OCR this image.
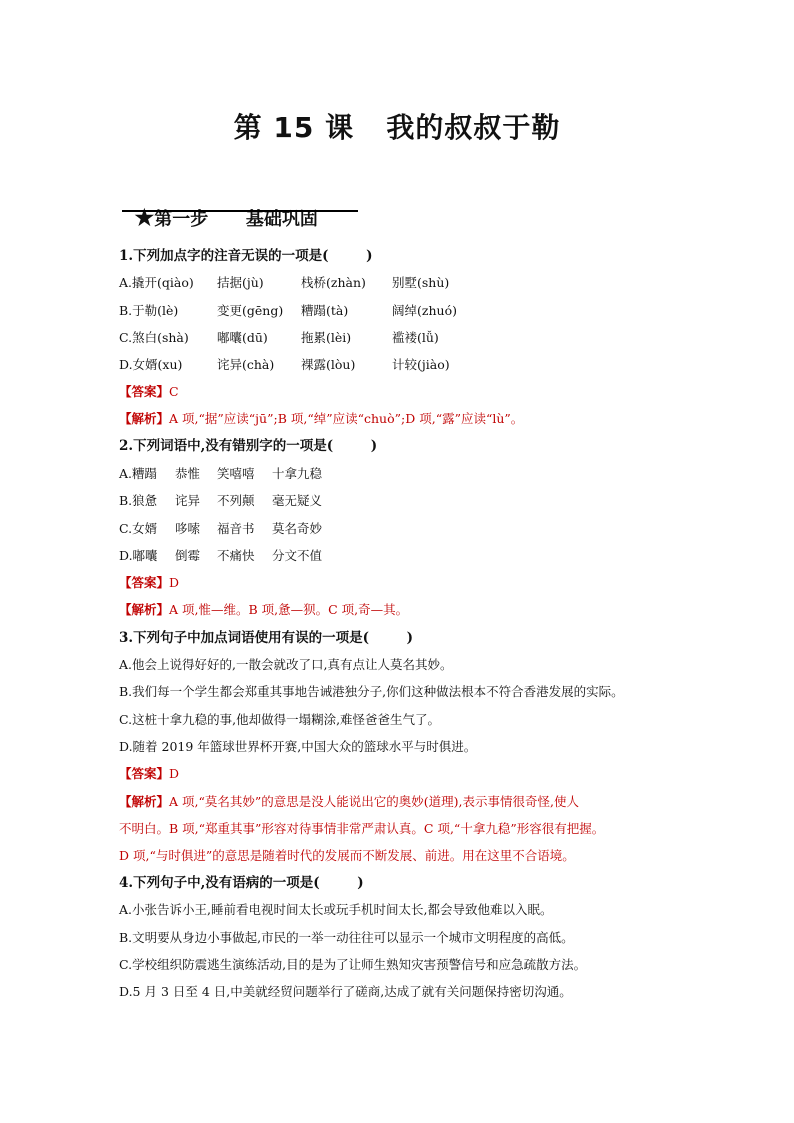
第 15 课   我的叔叔于勒

★第一步      基础巩固

1.下列加点字的注音无误的一项是(        )
A.撬开(qiào) 拮据(jù)	栈桥(zhàn) 别墅(shù)
B.于勒(lè)	变更(gēng) 糟蹋(tà)	阔绰(zhuó)
C.煞白(shà) 嘟囔(dū)	拖累(lèi)	褴褛(lǚ)
D.女婿(xu)	诧异(chà) 裸露(lòu)	计较(jiào)
【答案】C
【解析】A 项,“据”应读“jū”;B 项,“绰”应读“chuò”;D 项,“露”应读“lù”。
2.下列词语中,没有错别字的一项是(        )
A.糟蹋 恭惟 笑嘻嘻 十拿九稳
B.狼惫 诧异 不列颠 毫无疑义
C.女婿 哆嗦 福音书 莫名奇妙
D.嘟囔 倒霉 不痛快 分文不值
【答案】D
【解析】A 项,惟—维。B 项,惫—狈。C 项,奇—其。
3.下列句子中加点词语使用有误的一项是(        )
A.他会上说得好好的,一散会就改了口,真有点让人莫名其妙。
B.我们每一个学生都会郑重其事地告诫港独分子,你们这种做法根本不符合香港发展的实际。
C.这桩十拿九稳的事,他却做得一塌糊涂,难怪爸爸生气了。
D.随着 2019 年篮球世界杯开赛,中国大众的篮球水平与时俱进。
【答案】D
【解析】A 项,“莫名其妙”的意思是没人能说出它的奥妙(道理),表示事情很奇怪,使人
不明白。B 项,“郑重其事”形容对待事情非常严肃认真。C 项,“十拿九稳”形容很有把握。
D 项,“与时俱进”的意思是随着时代的发展而不断发展、前进。用在这里不合语境。
4.下列句子中,没有语病的一项是(        )
A.小张告诉小王,睡前看电视时间太长或玩手机时间太长,都会导致他难以入眠。
B.文明要从身边小事做起,市民的一举一动往往可以显示一个城市文明程度的高低。
C.学校组织防震逃生演练活动,目的是为了让师生熟知灾害预警信号和应急疏散方法。
D.5 月 3 日至 4 日,中美就经贸问题举行了磋商,达成了就有关问题保持密切沟通。
